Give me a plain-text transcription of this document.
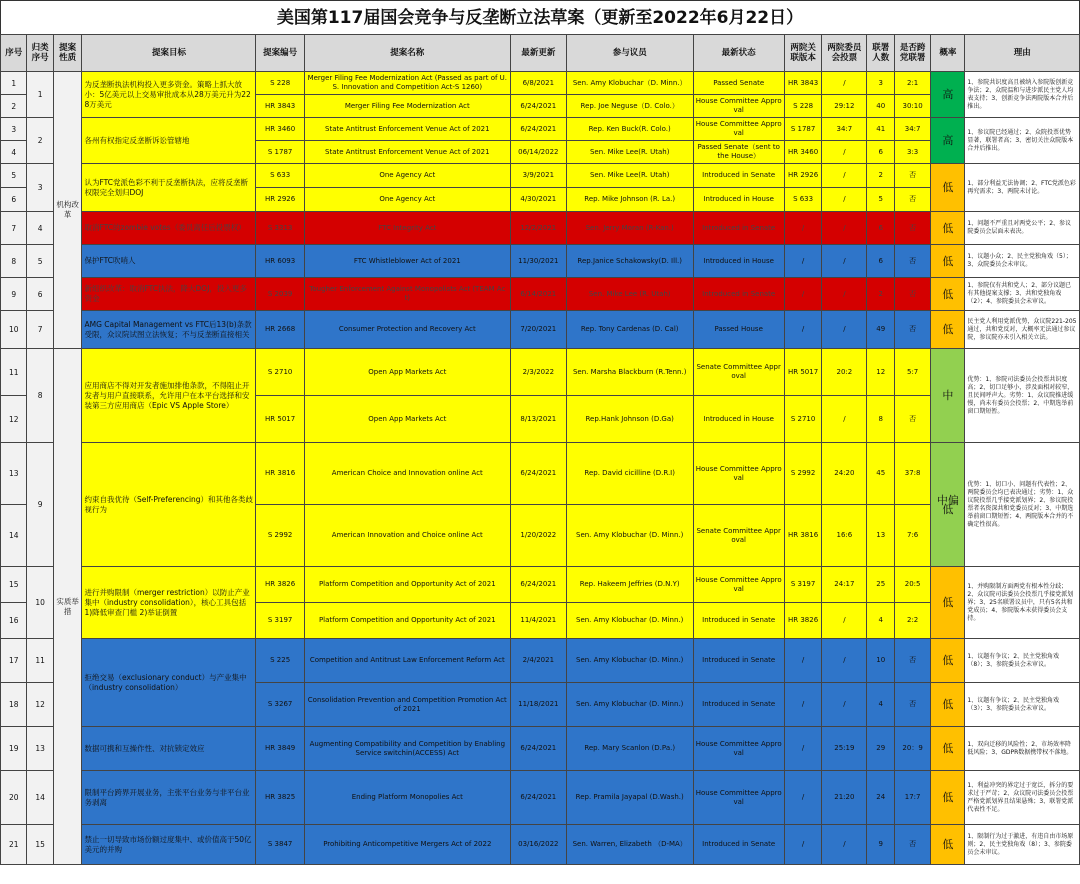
美国第117届国会竞争与反垄断立法草案（更新至2022年6月22日）
序号	归类序号	提案性质	提案目标	提案编号	提案名称	最新更新	参与议员	最新状态	两院关联版本	两院委员会投票	联署人数	是否跨党联署	概率	理由
1	1	机构改革	为反垄断执法机构投入更多资金。策略上抓大放小：5亿美元以上交易审批成本从28万美元升为228万美元	S 228	Merger Filing Fee Modernization Act (Passed as part of U.S. Innovation and Competition Act-S 1260)	6/8/2021	Sen. Amy Klobuchar（D. Minn.）	Passed Senate	HR 3843	/	3	2:1	高	1、参院共识度高且被纳入参院版创新竞争法；2、众院温和与进步派民主党人均表支持；3、创新竞争法两院版本合并后推出。
2				HR 3843	Merger Filing Fee Modernization Act	6/24/2021	Rep. Joe Neguse（D. Colo.）	House Committee Approval	S 228	29:12	40	30:10		
3	2		各州有权指定反垄断诉讼管辖地	HR 3460	State Antitrust Enforcement Venue Act of 2021	6/24/2021	Rep. Ken Buck(R. Colo.)	House Committee Approval	S 1787	34:7	41	34:7	高	1、参议院已经通过；2、众院投票优势显著，联署者高；3、密切关注众院版本合并后推出。
4				S 1787	State Antitrust Enforcement Venue Act of 2021	06/14/2022	Sen. Mike Lee(R. Utah)	Passed Senate（sent to the House）	HR 3460	/	6	3:3		
5	3		认为FTC党派色彩不利于反垄断执法，应将反垄断权限完全划归DOJ	S 633	One Agency Act	3/9/2021	Sen. Mike Lee(R. Utah)	Introduced in Senate	HR 2926	/	2	否	低	1、部分利益无法协调；2、FTC党派色彩再究需求；3、两院未讨论。
6				HR 2926	One Agency Act	4/30/2021	Rep. Mike Johnson (R. La.)	Introduced in House	S 633	/	5	否		
7	4		取消FTC的zombie votes（委员离任后投票权）	S 3313	FTC Integrity Act	12/2/2021	Sen. Jerry Moran (R-Kan.)	Introduced in Senate	/	/	6	否	低	1、问题不严重且对两党公平；2、参议院委员会层面未表决。
8	5		保护FTC吹哨人	HR 6093	FTC Whistleblower Act of 2021	11/30/2021	Rep.Janice Schakowsky(D. Ill.)	Introduced in House	/	/	6	否	低	1、议题小众；2、民主党独角戏（5）；3、众院委员会未审议。
9	6		新组织改革：取消FTC执法，降大DOJ，投入更多资金	S 2039	Tougher Enforcement Against Monopolists Act (TEAM Act)	6/14/2021	Sen. Mike Lee (R. Utah)	Introduced in Senate	/	/	2	否	低	1、参院仅有共和党人；2、部分议题已有其他提案支撑；3、共和党独角戏（2）；4、参院委员会未审议。
10	7		AMG Capital Management vs FTC后13(b)条款受限，众议院试图立法恢复；不与反垄断直接相关	HR 2668	Consumer Protection and Recovery Act	7/20/2021	Rep. Tony Cardenas (D. Cal)	Passed House	/	/	49	否	低	民主党人利用党派优势，众议院221-205通过，共和党反对，大概率无法通过参议院，参议院亦未引入相关立法。
11	8	实质举措	应用商店不得对开发者施加排他条款，不得阻止开发者与用户直接联系，允许用户在本平台选择和安装第三方应用商店（Epic VS Apple Store）	S 2710	Open App Markets Act	2/3/2022	Sen. Marsha Blackburn (R.Tenn.)	Senate Committee Approval	HR 5017	20:2	12	5:7	中	优势：1、参院司法委员会投票共识度高；2、切口足够小，涉及面相对较窄，且民间呼声大。劣势：1、众议院推进缓慢，尚未有委员会投票；2、中期选举前窗口期短暂。
12				HR 5017	Open App Markets Act	8/13/2021	Rep.Hank Johnson (D.Ga)	Introduced in House	S 2710	/	8	否		
13	9		约束自我优待（Self-Preferencing）和其他各类歧视行为	HR 3816	American Choice and Innovation online Act	6/24/2021	Rep. David cicilline (D.R.I)	House Committee Approval	S 2992	24:20	45	37:8	中偏低	优势：1、切口小、问题有代表性；2、两院委员会均已表决通过；劣势：1、众议院投票几乎接党派划界；2、参议院投票者名资深共和党委员反对；3、中期选举前窗口期短暂；4、两院版本合并的不确定性很高。
14				S 2992	American Innovation and Choice online Act	1/20/2022	Sen. Amy Klobuchar (D. Minn.)	Senate Committee Approval	HR 3816	16:6	13	7:6		
15	10		进行并购限制（merger restriction）以防止产业集中（industry consolidation），核心工具包括 1)降低审查门槛 2)举证倒置	HR 3826	Platform Competition and Opportunity Act of 2021	6/24/2021	Rep. Hakeem Jeffries (D.N.Y)	House Committee Approval	S 3197	24:17	25	20:5	低	1、并购限制方面两党有根本性分歧；2、众议院司法委员会投票几乎接党派划界；3、25名联署议员中，只有5名共和党成员；4、参院版本未获得委员会支持。
16				S 3197	Platform Competition and Opportunity Act of 2021	11/4/2021	Sen. Amy Klobuchar (D. Minn.)	Introduced in Senate	HR 3826	/	4	2:2		
17	11		拒绝交易（exclusionary conduct）与产业集中（industry consolidation）	S 225	Competition and Antitrust Law Enforcement Reform Act	2/4/2021	Sen. Amy Klobuchar (D. Minn.)	Introduced in Senate	/	/	10	否	低	1、议题有争议；2、民主党独角戏（8）；3、参院委员会未审议。
18	12			S 3267	Consolidation Prevention and Competition Promotion Act of 2021	11/18/2021	Sen. Amy Klobuchar (D. Minn.)	Introduced in Senate	/	/	4	否	低	1、议题有争议；2、民主党独角戏（3）；3、参院委员会未审议。
19	13		数据可携和互操作性、对抗锁定效应	HR 3849	Augmenting Compatibility and Competition by Enabling Service switchin(ACCESS) Act	6/24/2021	Rep. Mary Scanlon (D.Pa.)	House Committee Approval	/	25:19	29	20：9	低	1、双向迁移的风险性；2、市场效率降低风险；3、GDPR数据携带权不落地。
20	14		限制平台跨界开展业务，主张平台业务与非平台业务剥离	HR 3825	Ending Platform Monopolies Act	6/24/2021	Rep. Pramila Jayapal (D.Wash.)	House Committee Approval	/	21:20	24	17:7	低	1、利益冲突的界定过于宽泛，拆分的要求过于严苛；2、众议院司法委员会投票严格党派划界且结果悬殊；3、联署党派代表性不足。
21	15		禁止一切导致市场份额过度集中、或价值高于50亿美元的并购	S 3847	Prohibiting Anticompetitive Mergers Act of 2022	03/16/2022	Sen. Warren, Elizabeth （D-MA）	Introduced in Senate	/	/	9	否	低	1、限制行为过于激进，有违自由市场原则；2、民主党独角戏（8）；3、参院委员会未审议。
